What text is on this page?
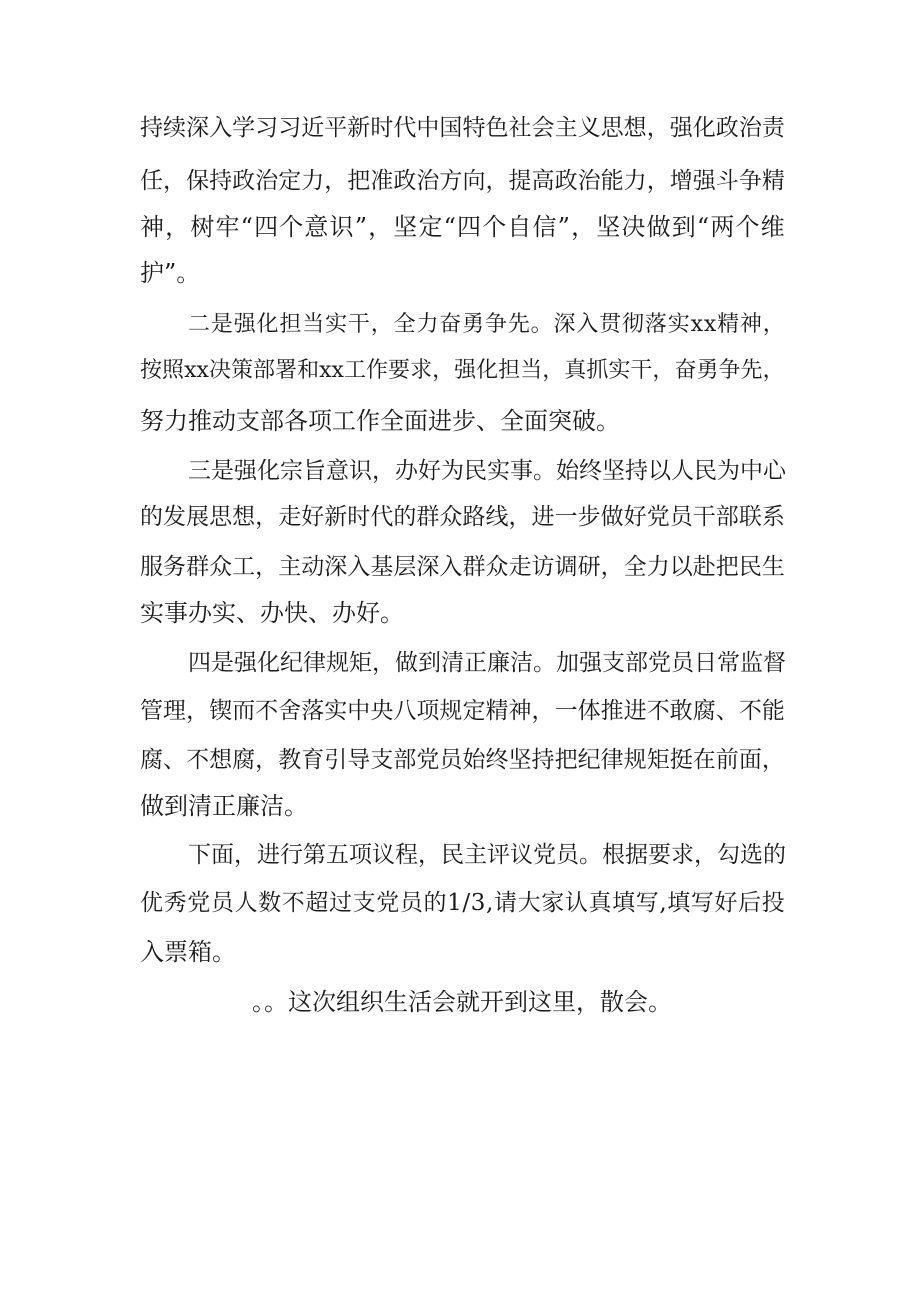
持 续 深 入 学 习 习 近 平 新 时 代 中 国 特 色 社 会 主 义 思 想 ， 强 化 政 治 责
任 ， 保 持 政 治 定 力 ， 把 准 政 治 方 向 ， 提 高 政 治 能 力 ， 增 强 斗 争 精
神 ， 树 牢 “ 四 个 意 识 ” ， 坚 定 “ 四 个 自 信 ” ， 坚 决 做 到 “ 两 个 维
护”。
二 是 强 化 担 当 实 干 ， 全 力 奋 勇 争 先 。 深 入 贯 彻 落 实 x x 精 神 ，
按 照 x x 决 策 部 署 和 x x 工 作 要 求 ， 强 化 担 当 ， 真 抓 实 干 ， 奋 勇 争 先 ，
努力推动支部各项工作全面进步、全面突破。
三 是 强 化 宗 旨 意 识 ， 办 好 为 民 实 事 。 始 终 坚 持 以 人 民 为 中 心
的 发 展 思 想 ， 走 好 新 时 代 的 群 众 路 线 ， 进 一 步 做 好 党 员 干 部 联 系
服 务 群 众 工 ， 主 动 深 入 基 层 深 入 群 众 走 访 调 研 ， 全 力 以 赴 把 民 生
实事办实、办快、办好。
四 是 强 化 纪 律 规 矩 ， 做 到 清 正 廉 洁 。 加 强 支 部 党 员 日 常 监 督
管 理 ， 锲 而 不 舍 落 实 中 央 八 项 规 定 精 神 ， 一 体 推 进 不 敢 腐 、 不 能
腐 、 不 想 腐 ， 教 育 引 导 支 部 党 员 始 终 坚 持 把 纪 律 规 矩 挺 在 前 面 ，
做到清正廉洁。
下 面 ， 进 行 第 五 项 议 程 ， 民 主 评 议 党 员 。 根 据 要 求 ， 勾 选 的
优 秀 党 员 人 数 不 超 过 支 党 员 的 1 / 3 , 请 大 家 认 真 填 写 , 填 写 好 后 投
入票箱。
。。这次组织生活会就开到这里，散会。
